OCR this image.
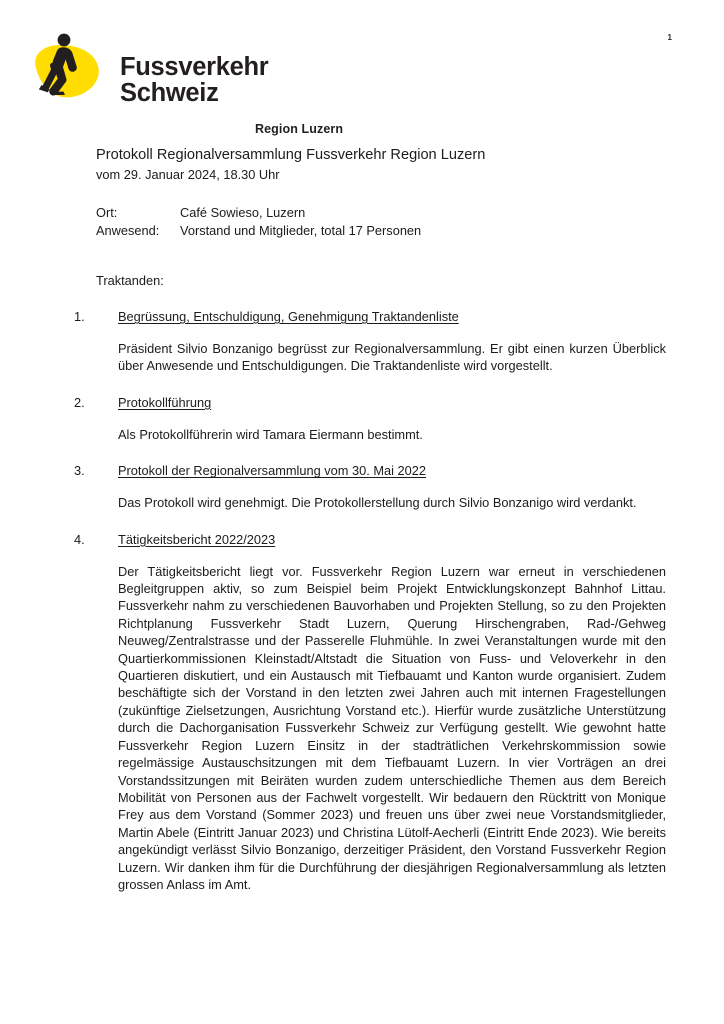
1
Fussverkehr
Schweiz
Region Luzern
Protokoll Regionalversammlung Fussverkehr Region Luzern
vom 29. Januar 2024, 18.30 Uhr
Ort:	Café Sowieso, Luzern
Anwesend:	Vorstand und Mitglieder, total 17 Personen
Traktanden:
1.	Begrüssung, Entschuldigung, Genehmigung Traktandenliste
Präsident Silvio Bonzanigo begrüsst zur Regionalversammlung. Er gibt einen kurzen Überblick über Anwesende und Entschuldigungen. Die Traktandenliste wird vorgestellt.
2.	Protokollführung
Als Protokollführerin wird Tamara Eiermann bestimmt.
3.	Protokoll der Regionalversammlung vom 30. Mai 2022
Das Protokoll wird genehmigt. Die Protokollerstellung durch Silvio Bonzanigo wird verdankt.
4.	Tätigkeitsbericht 2022/2023
Der Tätigkeitsbericht liegt vor. Fussverkehr Region Luzern war erneut in verschiedenen Begleitgruppen aktiv, so zum Beispiel beim Projekt Entwicklungskonzept Bahnhof Littau. Fussverkehr nahm zu verschiedenen Bauvorhaben und Projekten Stellung, so zu den Projekten Richtplanung Fussverkehr Stadt Luzern, Querung Hirschengraben, Rad-/Gehweg Neuweg/Zentralstrasse und der Passerelle Fluhmühle. In zwei Veranstaltungen wurde mit den Quartierkommissionen Kleinstadt/Altstadt die Situation von Fuss- und Veloverkehr in den Quartieren diskutiert, und ein Austausch mit Tiefbauamt und Kanton wurde organisiert. Zudem beschäftigte sich der Vorstand in den letzten zwei Jahren auch mit internen Fragestellungen (zukünftige Zielsetzungen, Ausrichtung Vorstand etc.). Hierfür wurde zusätzliche Unterstützung durch die Dachorganisation Fussverkehr Schweiz zur Verfügung gestellt. Wie gewohnt hatte Fussverkehr Region Luzern Einsitz in der stadträtlichen Verkehrskommission sowie regelmässige Austauschsitzungen mit dem Tiefbauamt Luzern. In vier Vorträgen an drei Vorstandssitzungen mit Beiräten wurden zudem unterschiedliche Themen aus dem Bereich Mobilität von Personen aus der Fachwelt vorgestellt. Wir bedauern den Rücktritt von Monique Frey aus dem Vorstand (Sommer 2023) und freuen uns über zwei neue Vorstandsmitglieder, Martin Abele (Eintritt Januar 2023) und Christina Lütolf-Aecherli (Eintritt Ende 2023). Wie bereits angekündigt verlässt Silvio Bonzanigo, derzeitiger Präsident, den Vorstand Fussverkehr Region Luzern. Wir danken ihm für die Durchführung der diesjährigen Regionalversammlung als letzten grossen Anlass im Amt.
